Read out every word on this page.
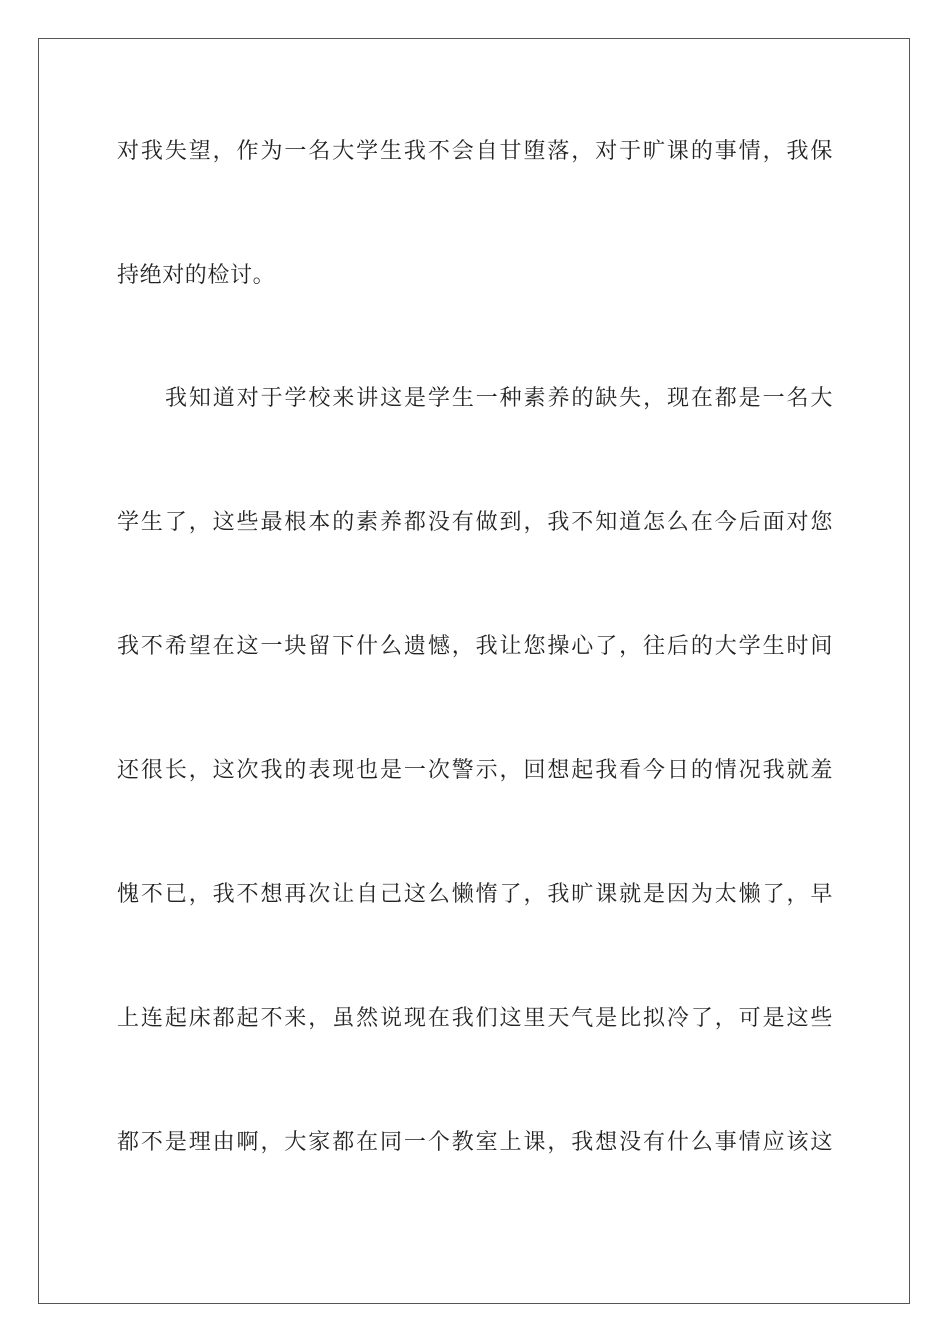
对我失望，作为一名大学生我不会自甘堕落，对于旷课的事情，我保
持绝对的检讨。
我知道对于学校来讲这是学生一种素养的缺失，现在都是一名大
学生了，这些最根本的素养都没有做到，我不知道怎么在今后面对您
我不希望在这一块留下什么遗憾，我让您操心了，往后的大学生时间
还很长，这次我的表现也是一次警示，回想起我看今日的情况我就羞
愧不已，我不想再次让自己这么懒惰了，我旷课就是因为太懒了，早
上连起床都起不来，虽然说现在我们这里天气是比拟冷了，可是这些
都不是理由啊，大家都在同一个教室上课，我想没有什么事情应该这
